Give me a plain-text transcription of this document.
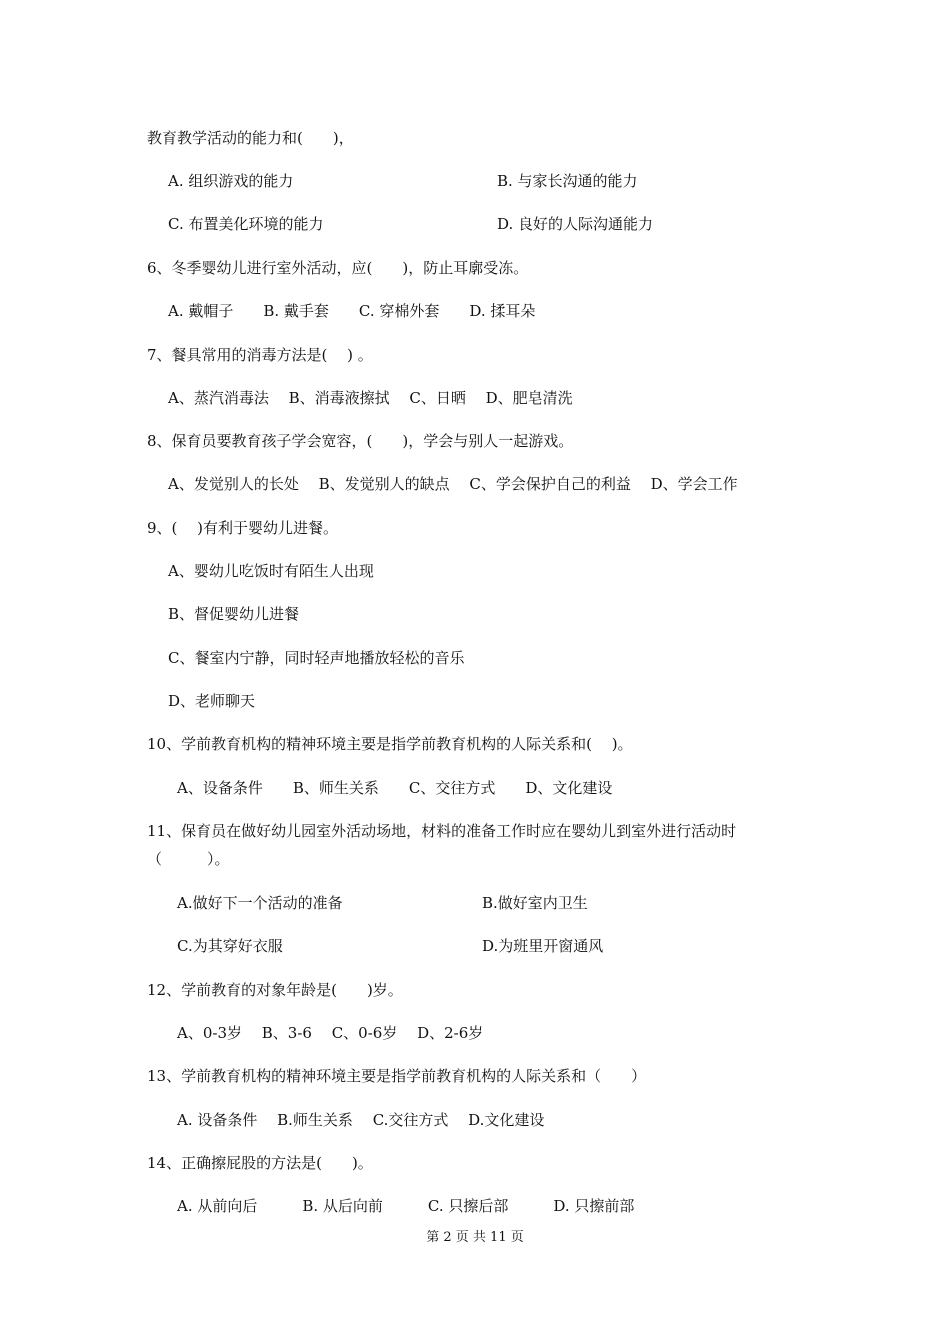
教育教学活动的能力和(　　)，
A. 组织游戏的能力	B. 与家长沟通的能力
C. 布置美化环境的能力	D. 良好的人际沟通能力
6、冬季婴幼儿进行室外活动，应(　　)，防止耳廓受冻。
A. 戴帽子　　B. 戴手套　　C. 穿棉外套　　D. 揉耳朵
7、餐具常用的消毒方法是(　 ) 。
A、蒸汽消毒法　 B、消毒液擦拭　 C、日晒　 D、肥皂清洗
8、保育员要教育孩子学会宽容，(　　)，学会与别人一起游戏。
A、发觉别人的长处　 B、发觉别人的缺点　 C、学会保护自己的利益　 D、学会工作
9、(　 )有利于婴幼儿进餐。
A、婴幼儿吃饭时有陌生人出现
B、督促婴幼儿进餐
C、餐室内宁静，同时轻声地播放轻松的音乐
D、老师聊天
10、学前教育机构的精神环境主要是指学前教育机构的人际关系和(　 )。
A、设备条件　　B、师生关系　　C、交往方式　　D、文化建设
11、保育员在做好幼儿园室外活动场地，材料的准备工作时应在婴幼儿到室外进行活动时
（　　　）。
A.做好下一个活动的准备	B.做好室内卫生
C.为其穿好衣服	D.为班里开窗通风
12、学前教育的对象年龄是(　　)岁。
A、0-3岁　 B、3-6　 C、0-6岁　 D、2-6岁
13、学前教育机构的精神环境主要是指学前教育机构的人际关系和（　　）
A. 设备条件　 B.师生关系　 C.交往方式　 D.文化建设
14、正确擦屁股的方法是(　　)。
A. 从前向后　　　B. 从后向前　　　C. 只擦后部　　　D. 只擦前部
第 2 页 共 11 页
